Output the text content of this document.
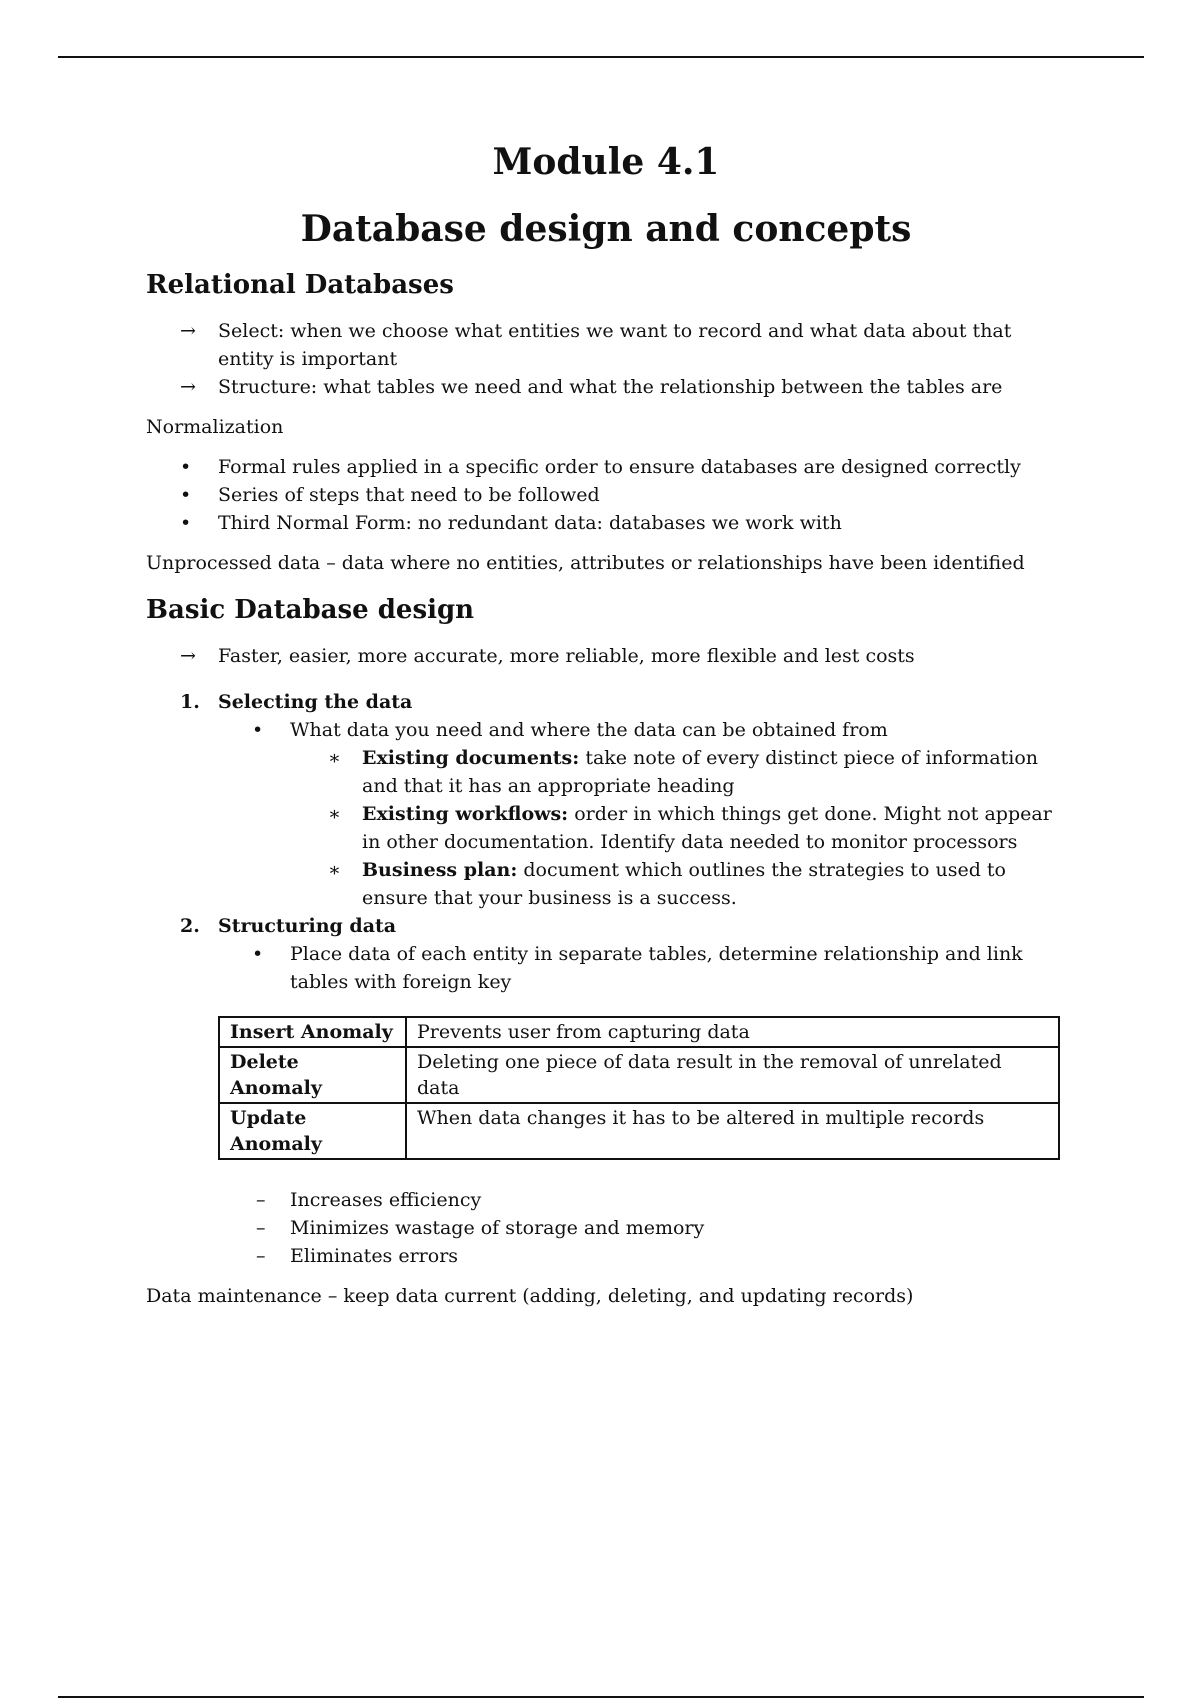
Module 4.1
Database design and concepts
Relational Databases
→	Select: when we choose what entities we want to record and what data about that entity is important
→	Structure: what tables we need and what the relationship between the tables are

Normalization

•	Formal rules applied in a specific order to ensure databases are designed correctly
•	Series of steps that need to be followed
•	Third Normal Form: no redundant data: databases we work with

Unprocessed data – data where no entities, attributes or relationships have been identified

Basic Database design
→	Faster, easier, more accurate, more reliable, more flexible and lest costs
1. Selecting the data
•	What data you need and where the data can be obtained from
∗	Existing documents: take note of every distinct piece of information and that it has an appropriate heading
∗	Existing workflows: order in which things get done. Might not appear in other documentation. Identify data needed to monitor processors
∗	Business plan: document which outlines the strategies to used to ensure that your business is a success.
2. Structuring data
•	Place data of each entity in separate tables, determine relationship and link tables with foreign key
Insert Anomaly	Prevents user from capturing data
Delete Anomaly	Deleting one piece of data result in the removal of unrelated data
Update Anomaly	When data changes it has to be altered in multiple records
–	Increases efficiency
–	Minimizes wastage of storage and memory
–	Eliminates errors

Data maintenance – keep data current (adding, deleting, and updating records)
